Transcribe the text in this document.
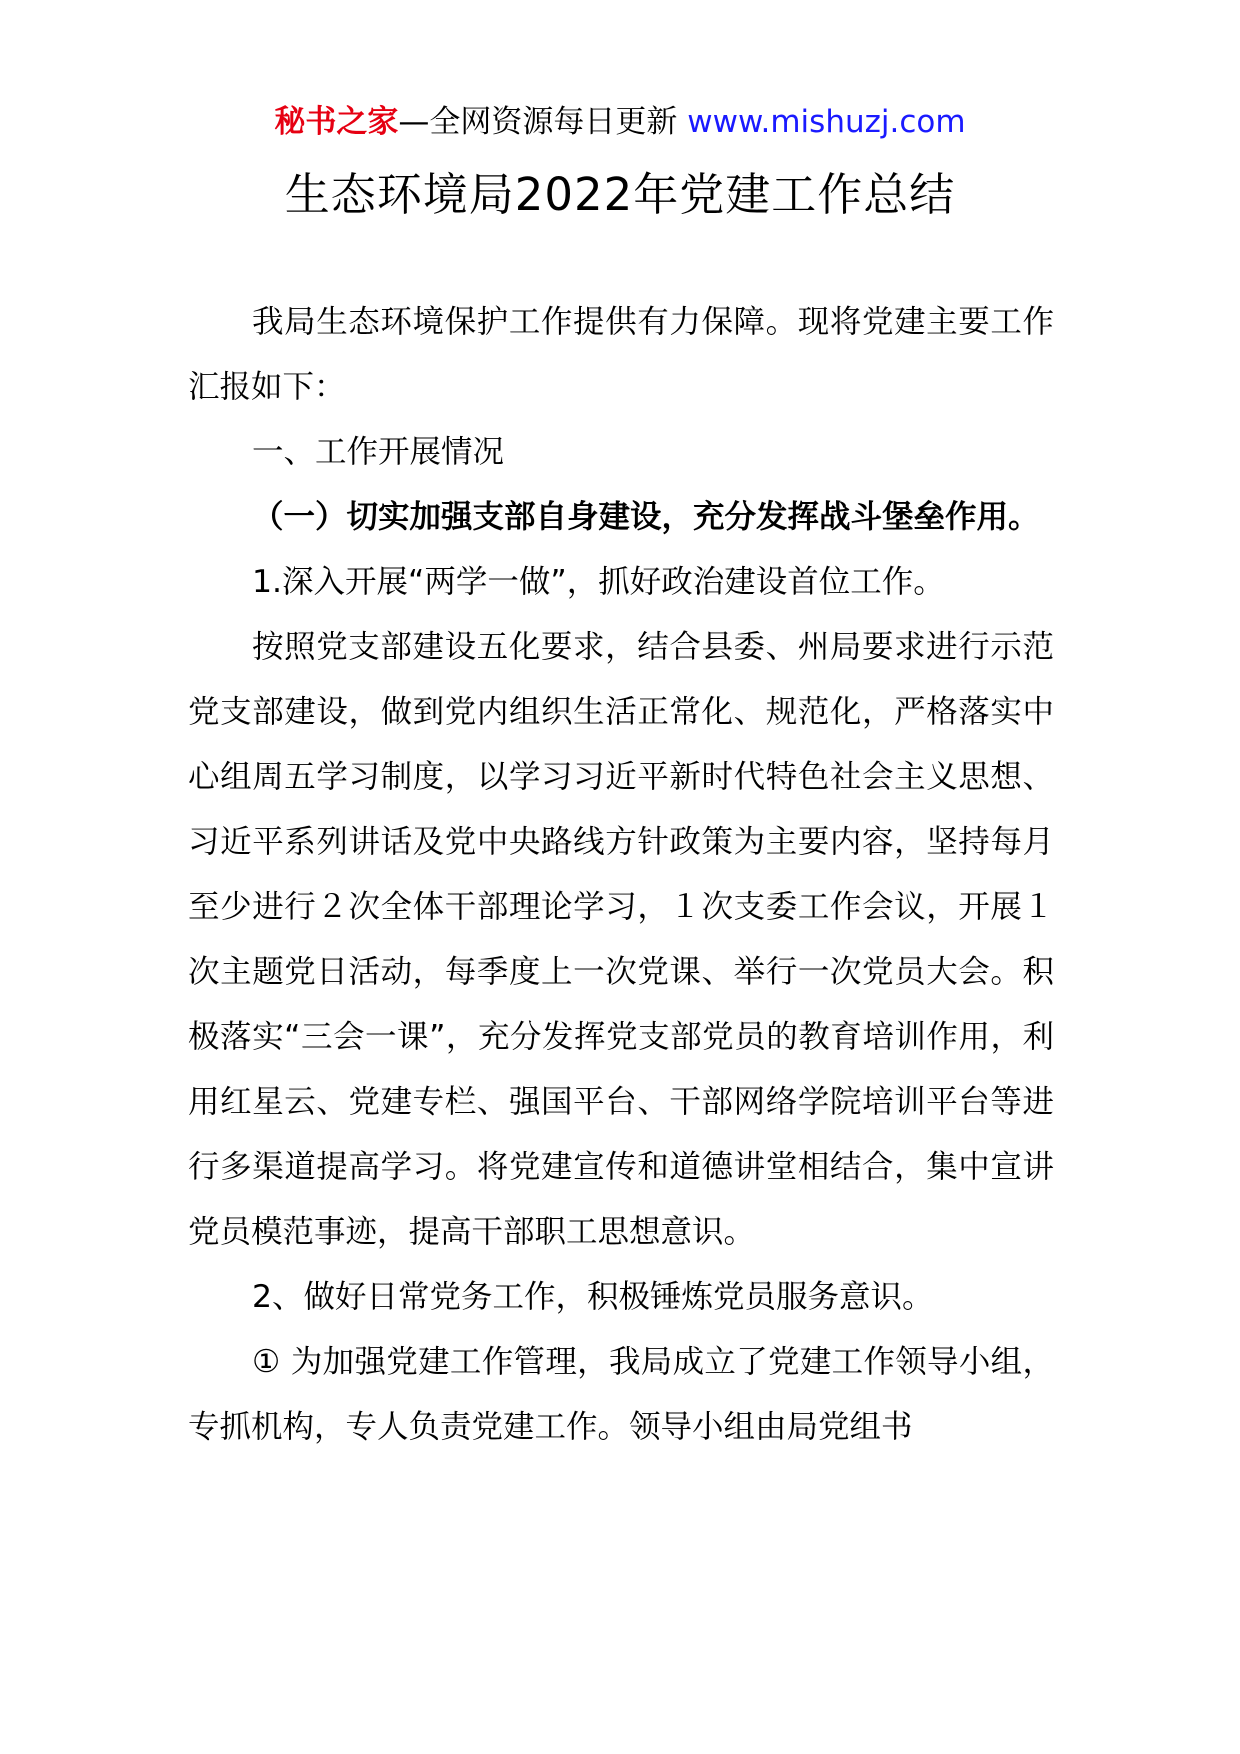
秘书之家—全网资源每日更新 www.mishuzj.com
生态环境局2022年党建工作总结

我局生态环境保护工作提供有力保障。现将党建主要工作汇报如下：

一、工作开展情况

（一）切实加强支部自身建设，充分发挥战斗堡垒作用。

1.深入开展“两学一做”，抓好政治建设首位工作。

按照党支部建设五化要求，结合县委、州局要求进行示范党支部建设，做到党内组织生活正常化、规范化，严格落实中心组周五学习制度，以学习习近平新时代特色社会主义思想、习近平系列讲话及党中央路线方针政策为主要内容，坚持每月至少进行２次全体干部理论学习，１次支委工作会议，开展１次主题党日活动，每季度上一次党课、举行一次党员大会。积极落实“三会一课”，充分发挥党支部党员的教育培训作用，利用红星云、党建专栏、强国平台、干部网络学院培训平台等进行多渠道提高学习。将党建宣传和道德讲堂相结合，集中宣讲党员模范事迹，提高干部职工思想意识。

2、做好日常党务工作，积极锤炼党员服务意识。

① 为加强党建工作管理，我局成立了党建工作领导小组，专抓机构，专人负责党建工作。领导小组由局党组书
